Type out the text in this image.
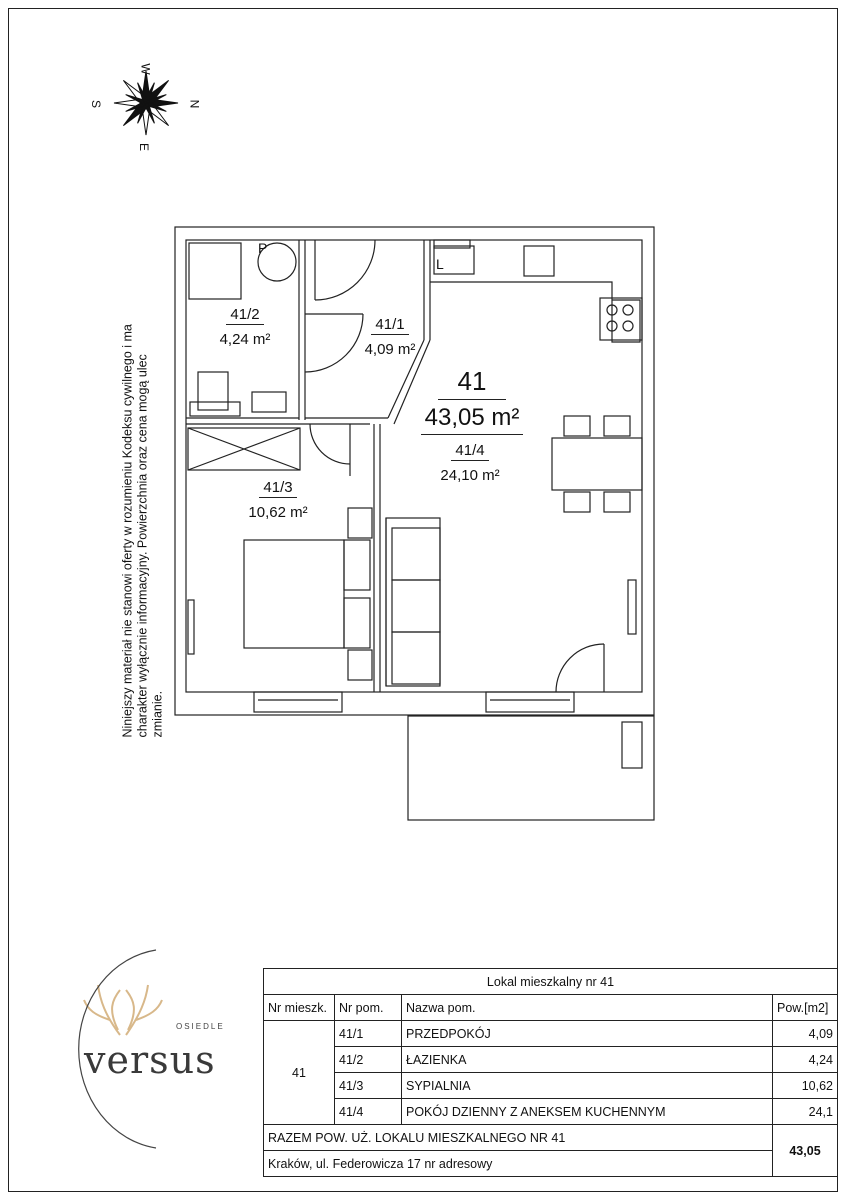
W
S	N
E
Niniejszy materiał nie stanowi oferty w rozumieniu Kodeksu cywilnego i ma charakter wyłącznie informacyjny. Powierzchnia oraz cena mogą ulec zmianie.
P
L
41/2
4,24 m²
41/1
4,09 m²
41/3
10,62 m²
41
43,05 m²
41/4
24,10 m²
OSIEDLE
versus
Lokal mieszkalny nr 41			
Nr mieszk.	Nr pom.	Nazwa pom.	Pow.[m2]
41	41/1	PRZEDPOKÓJ	4,09
	41/2	ŁAZIENKA	4,24
	41/3	SYPIALNIA	10,62
	41/4	POKÓJ DZIENNY Z ANEKSEM KUCHENNYM	24,1
RAZEM POW. UŻ. LOKALU MIESZKALNEGO NR 41			43,05
Kraków, ul. Federowicza 17 nr adresowy			
